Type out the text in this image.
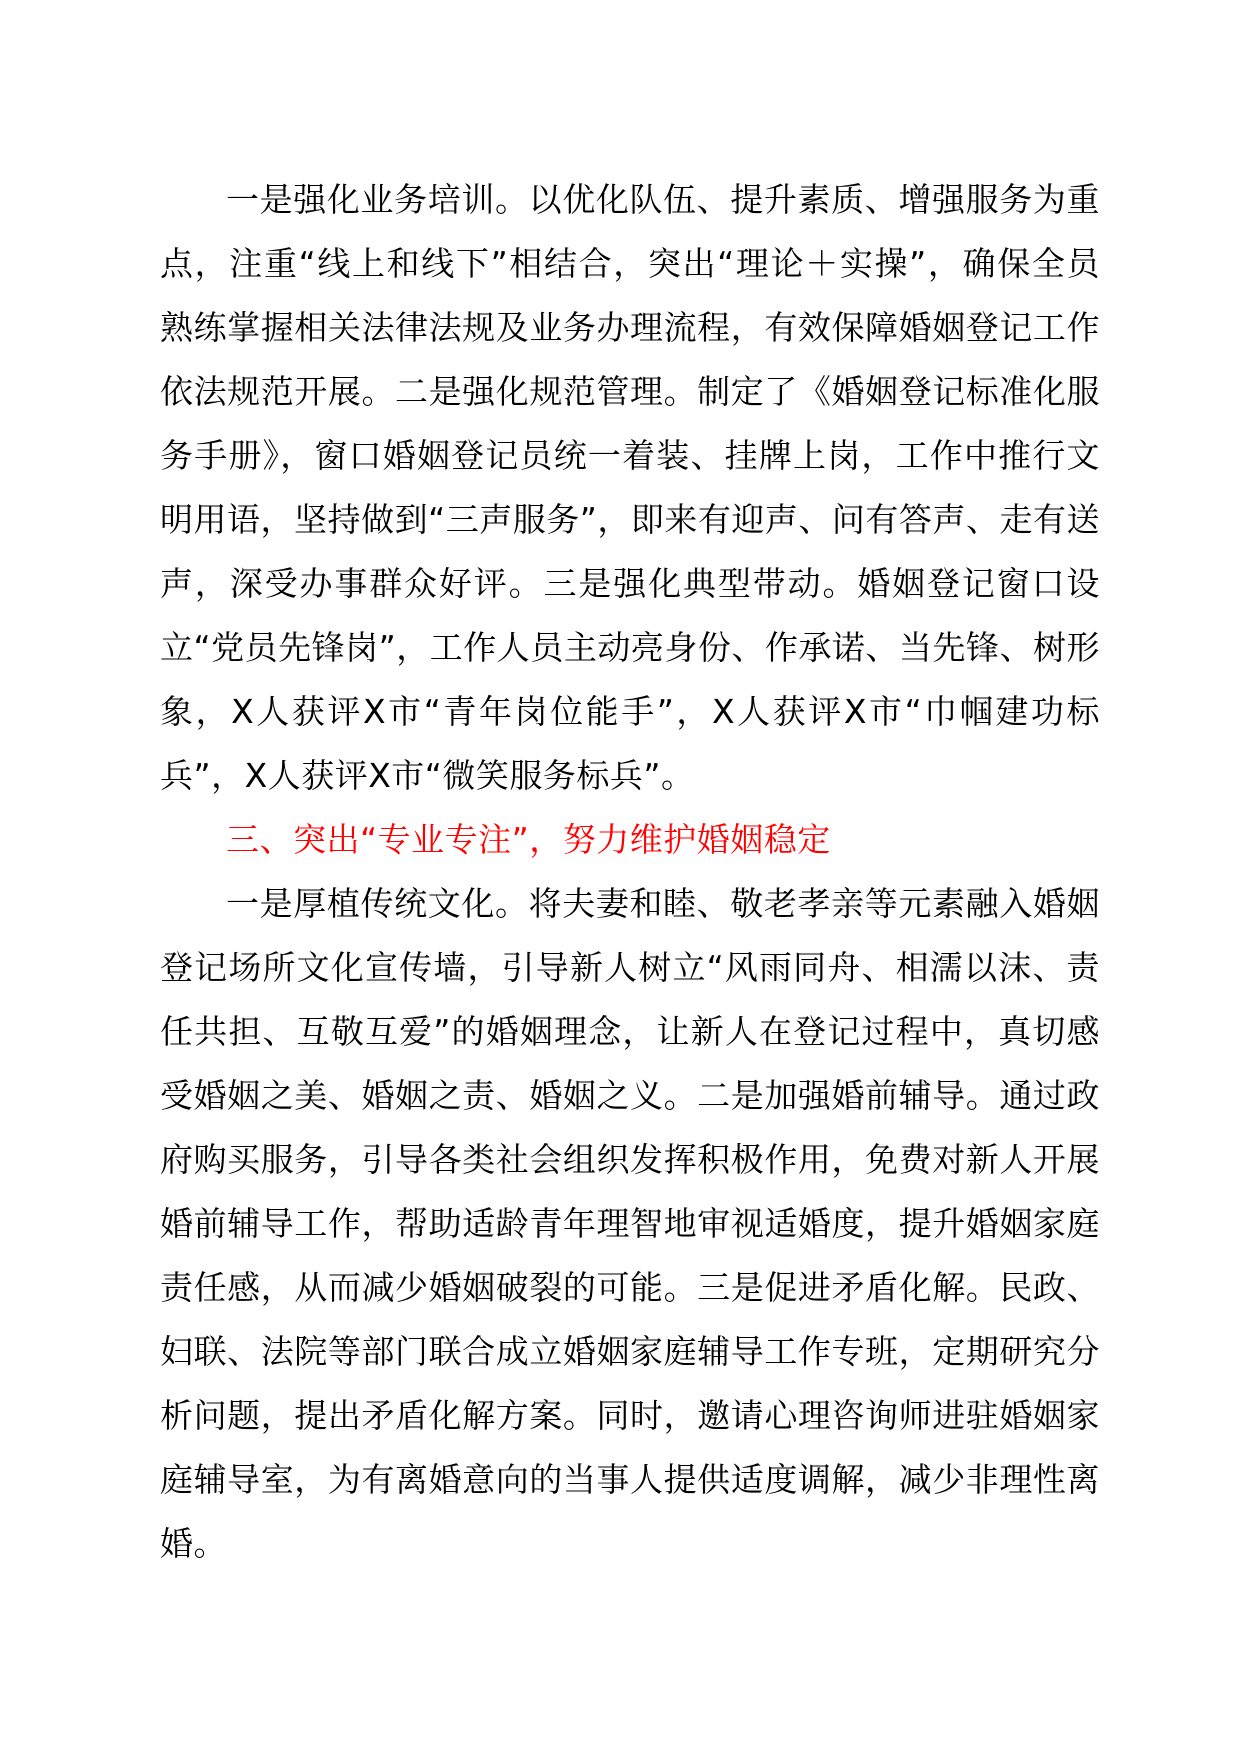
一是强化业务培训。以优化队伍、提升素质、增强服务为重点，注重“线上和线下”相结合，突出“理论＋实操”，确保全员熟练掌握相关法律法规及业务办理流程，有效保障婚姻登记工作依法规范开展。二是强化规范管理。制定了《婚姻登记标准化服务手册》，窗口婚姻登记员统一着装、挂牌上岗，工作中推行文明用语，坚持做到“三声服务”，即来有迎声、问有答声、走有送声，深受办事群众好评。三是强化典型带动。婚姻登记窗口设立“党员先锋岗”，工作人员主动亮身份、作承诺、当先锋、树形象，X人获评X市“青年岗位能手”，X人获评X市“巾帼建功标兵”，X人获评X市“微笑服务标兵”。

三、突出“专业专注”，努力维护婚姻稳定

一是厚植传统文化。将夫妻和睦、敬老孝亲等元素融入婚姻登记场所文化宣传墙，引导新人树立“风雨同舟、相濡以沫、责任共担、互敬互爱”的婚姻理念，让新人在登记过程中，真切感受婚姻之美、婚姻之责、婚姻之义。二是加强婚前辅导。通过政府购买服务，引导各类社会组织发挥积极作用，免费对新人开展婚前辅导工作，帮助适龄青年理智地审视适婚度，提升婚姻家庭责任感，从而减少婚姻破裂的可能。三是促进矛盾化解。民政、妇联、法院等部门联合成立婚姻家庭辅导工作专班，定期研究分析问题，提出矛盾化解方案。同时，邀请心理咨询师进驻婚姻家庭辅导室，为有离婚意向的当事人提供适度调解，减少非理性离婚。
